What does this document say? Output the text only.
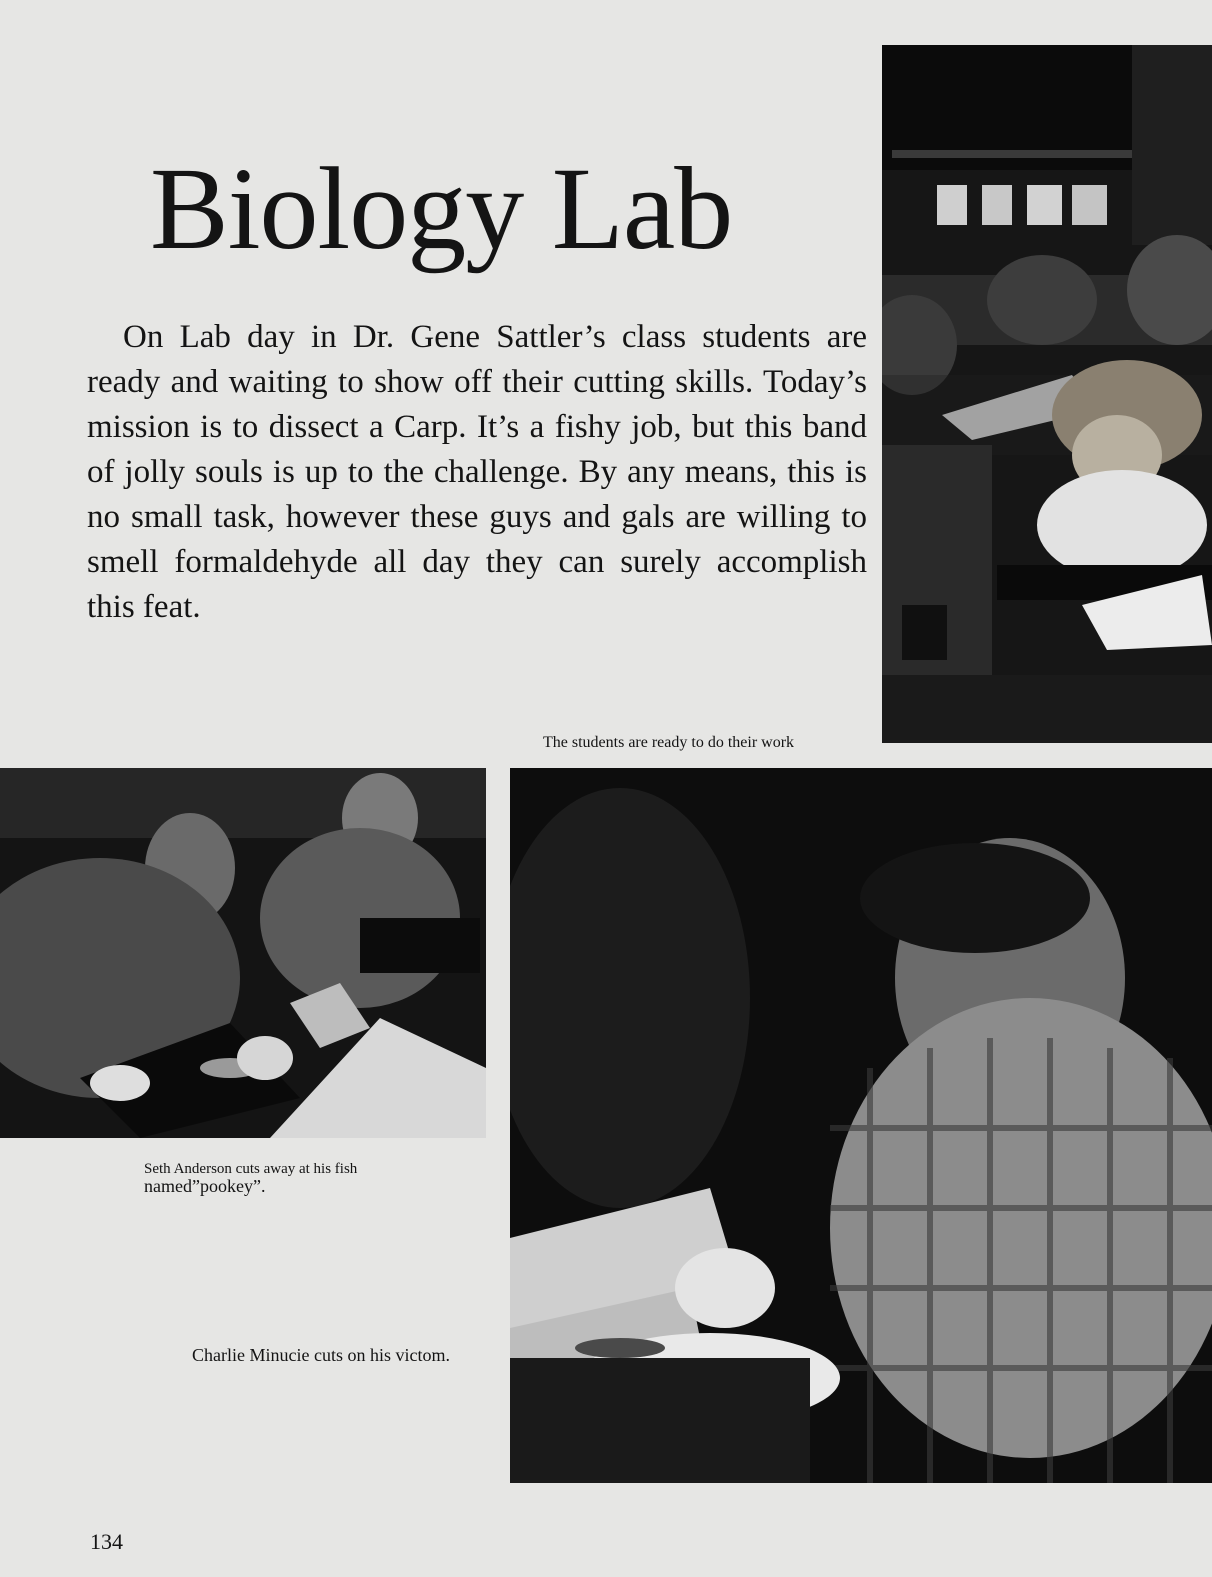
Biology Lab

On Lab day in Dr. Gene Sattler’s class students are ready and waiting to show off their cutting skills. Today’s mission is to dissect a Carp. It’s a fishy job, but this band of jolly souls is up to the challenge. By any means, this is no small task, however these guys and gals are willing to smell formaldehyde all day they can surely accomplish this feat.

The students are ready to do their work

Seth Anderson cuts away at his fish

named”pookey”.

Charlie Minucie cuts on his victom.

134
